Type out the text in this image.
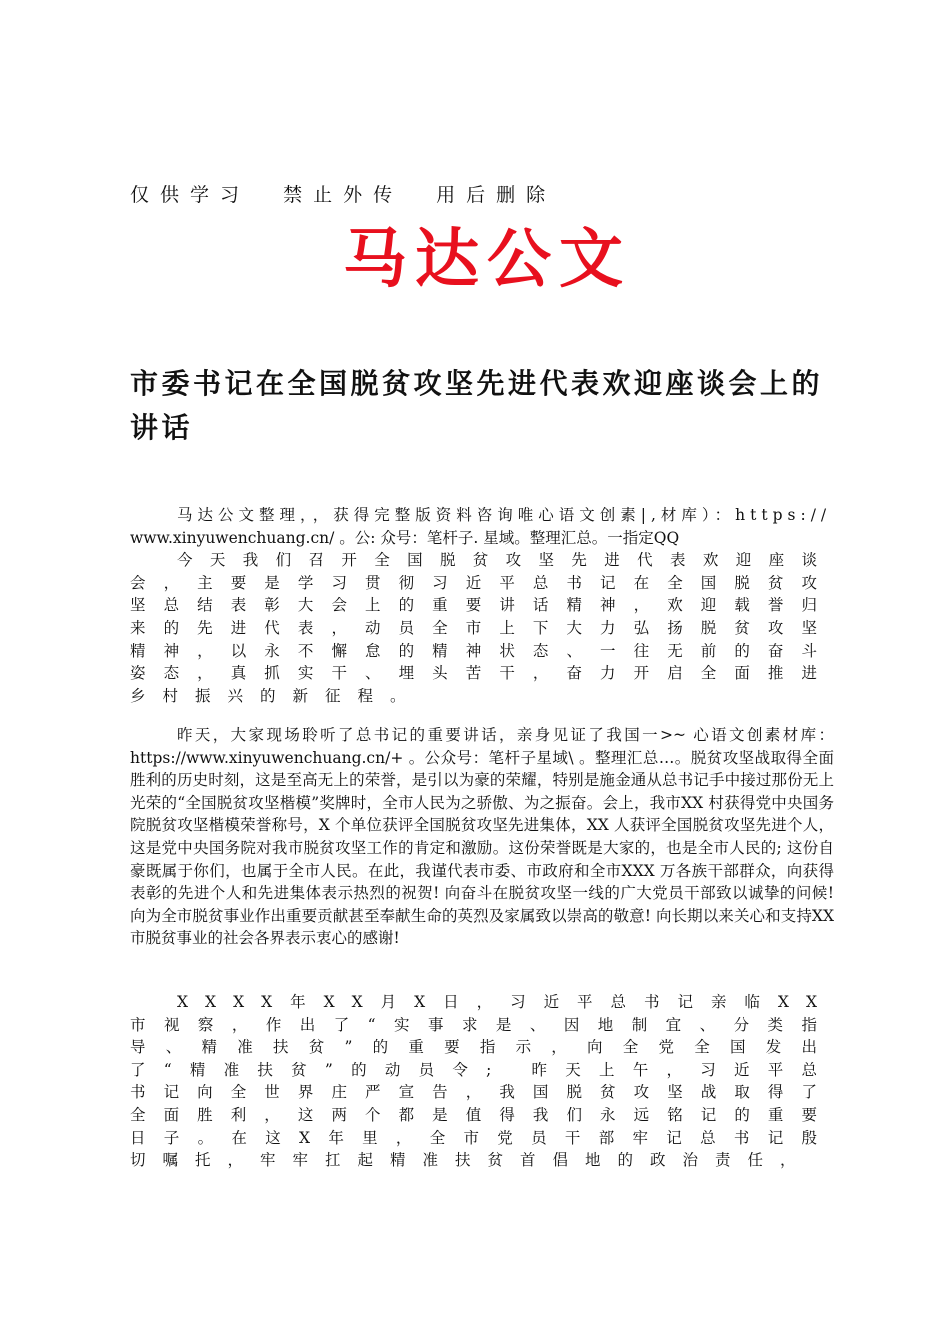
仅供学习 禁止外传 用后删除
马达公文
市委书记在全国脱贫攻坚先进代表欢迎座谈会上的讲话
马达公文整理，，获得完整版资料咨询唯心语文创素|,材库）：https://
www.xinyuwenchuang.cn/ 。公: 众号：笔杆子. 星域。整理汇总。一指定QQ
今天我们召开全国脱贫攻坚先进代表欢迎座谈会，主要是学习贯彻习近平总书记在全国脱贫攻坚总结表彰大会上的重要讲话精神，欢迎载誉归来的先进代表，动员全市上下大力弘扬脱贫攻坚精神，以永不懈怠的精神状态、一往无前的奋斗姿态，真抓实干、埋头苦干，奋力开启全面推进乡村振兴的新征程。
昨天，大家现场聆听了总书记的重要讲话，亲身见证了我国一>~ 心语文创素材库：https://www.xinyuwenchuang.cn/+ 。公众号：笔杆子星域\ 。整理汇总…。脱贫攻坚战取得全面胜利的历史时刻，这是至高无上的荣誉，是引以为豪的荣耀，特别是施金通从总书记手中接过那份无上光荣的“全国脱贫攻坚楷模”奖牌时，全市人民为之骄傲、为之振奋。会上，我市XX 村获得党中央国务院脱贫攻坚楷模荣誉称号，X 个单位获评全国脱贫攻坚先进集体，XX 人获评全国脱贫攻坚先进个人，这是党中央国务院对我市脱贫攻坚工作的肯定和激励。这份荣誉既是大家的，也是全市人民的; 这份自豪既属于你们，也属于全市人民。在此，我谨代表市委、市政府和全市XXX 万各族干部群众，向获得表彰的先进个人和先进集体表示热烈的祝贺! 向奋斗在脱贫攻坚一线的广大党员干部致以诚挚的问候! 向为全市脱贫事业作出重要贡献甚至奉献生命的英烈及家属致以崇高的敬意! 向长期以来关心和支持XX 市脱贫事业的社会各界表示衷心的感谢!
XXXX年XX月X日，习近平总书记亲临XX市视察，作出了“实事求是、因地制宜、分类指导、精准扶贫”的重要指示，向全党全国发出了“精准扶贫”的动员令; 昨天上午，习近平总书记向全世界庄严宣告，我国脱贫攻坚战取得了全面胜利，这两个都是值得我们永远铭记的重要日子。在这X年里，全市党员干部牢记总书记殷切嘱托，牢牢扛起精准扶贫首倡地的政治责任，
